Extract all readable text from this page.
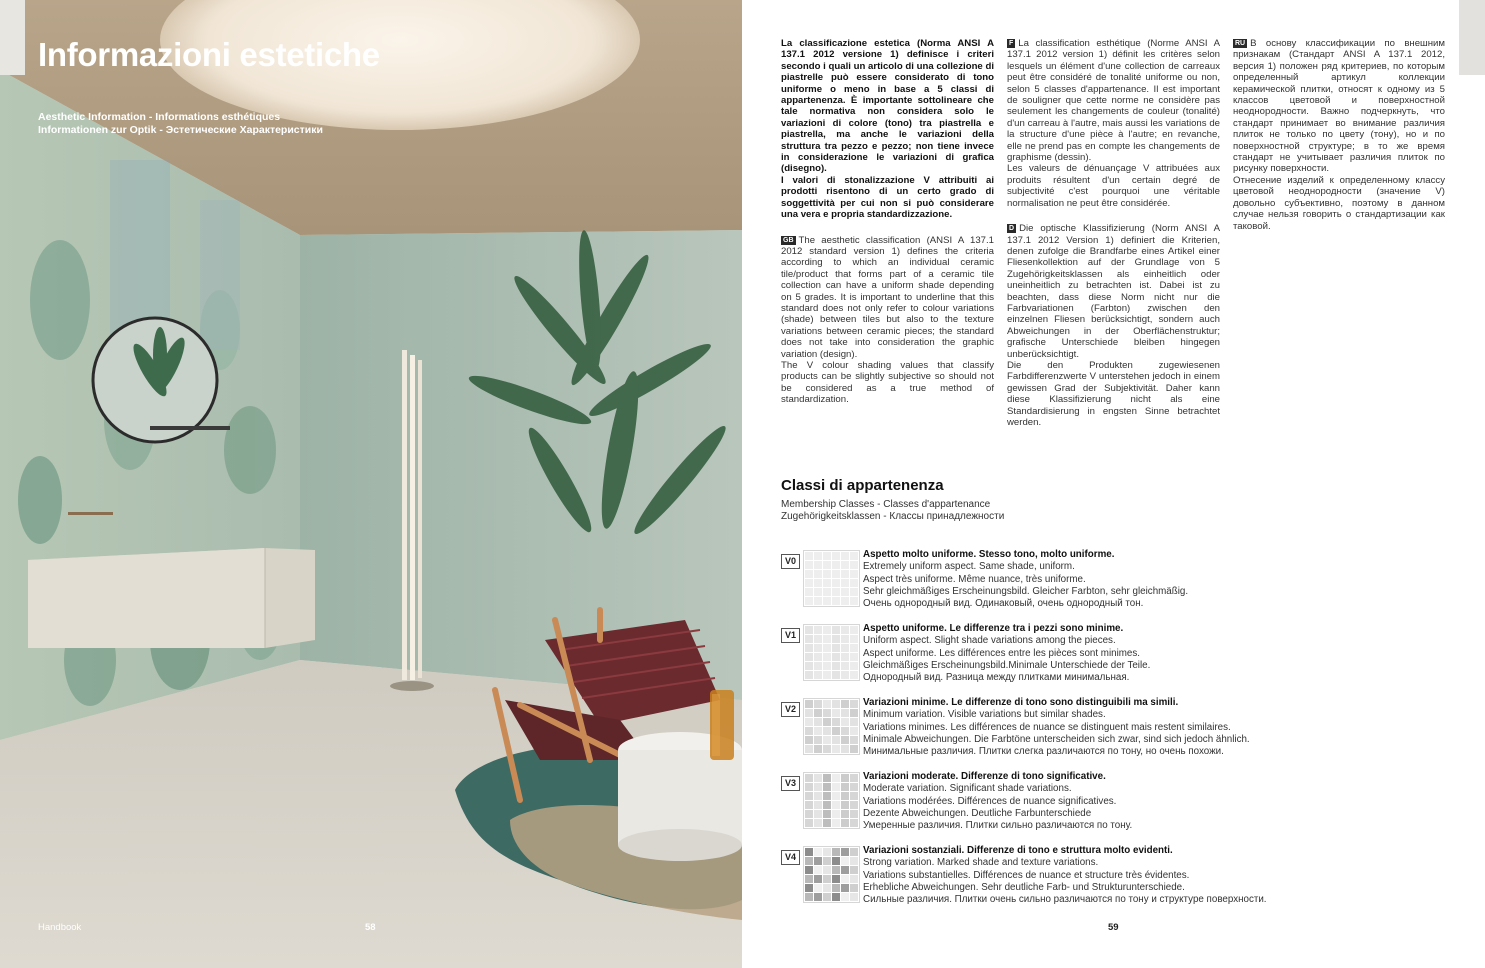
Informazioni estetiche
Aesthetic Information - Informations esthétiques
Informationen zur Optik - Эстетические Характеристики
Handbook	58

La classificazione estetica (Norma ANSI A 137.1 2012 versione 1) definisce i criteri secondo i quali un articolo di una collezione di piastrelle può essere considerato di tono uniforme o meno in base a 5 classi di appartenenza. È importante sottolineare che tale normativa non considera solo le variazioni di colore (tono) tra piastrella e piastrella, ma anche le variazioni della struttura tra pezzo e pezzo; non tiene invece in considerazione le variazioni di grafica (disegno).

I valori di stonalizzazione V attribuiti ai prodotti risentono di un certo grado di soggettività per cui non si può considerare una vera e propria standardizzazione.

GB The aesthetic classification (ANSI A 137.1 2012 standard version 1) defines the criteria according to which an individual ceramic tile/product that forms part of a ceramic tile collection can have a uniform shade depending on 5 grades. It is important to underline that this standard does not only refer to colour variations (shade) between tiles but also to the texture variations between ceramic pieces; the standard does not take into consideration the graphic variation (design).

The V colour shading values that classify products can be slightly subjective so should not be considered as a true method of standardization.

F La classification esthétique (Norme ANSI A 137.1 2012 version 1) définit les critères selon lesquels un élément d'une collection de carreaux peut être considéré de tonalité uniforme ou non, selon 5 classes d'appartenance. Il est important de souligner que cette norme ne considère pas seulement les changements de couleur (tonalité) d'un carreau à l'autre, mais aussi les variations de la structure d'une pièce à l'autre; en revanche, elle ne prend pas en compte les changements de graphisme (dessin).

Les valeurs de dénuançage V attribuées aux produits résultent d'un certain degré de subjectivité c'est pourquoi une véritable normalisation ne peut être considérée.

D Die optische Klassifizierung (Norm ANSI A 137.1 2012 Version 1) definiert die Kriterien, denen zufolge die Brandfarbe eines Artikel einer Fliesenkollektion auf der Grundlage von 5 Zugehörigkeitsklassen als einheitlich oder uneinheitlich zu betrachten ist. Dabei ist zu beachten, dass diese Norm nicht nur die Farbvariationen (Farbton) zwischen den einzelnen Fliesen berücksichtigt, sondern auch Abweichungen in der Oberflächenstruktur; grafische Unterschiede bleiben hingegen unberücksichtigt.

Die den Produkten zugewiesenen Farbdifferenzwerte V unterstehen jedoch in einem gewissen Grad der Subjektivität. Daher kann diese Klassifizierung nicht als eine Standardisierung in engsten Sinne betrachtet werden.

RU В основу классификации по внешним признакам (Стандарт ANSI A 137.1 2012, версия 1) положен ряд критериев, по которым определенный артикул коллекции керамической плитки, относят к одному из 5 классов цветовой и поверхностной неоднородности. Важно подчеркнуть, что стандарт принимает во внимание различия плиток не только по цвету (тону), но и по поверхностной структуре; в то же время стандарт не учитывает различия плиток по рисунку поверхности.

Отнесение изделий к определенному классу цветовой неоднородности (значение V) довольно субъективно, поэтому в данном случае нельзя говорить о стандартизации как таковой.

Classi di appartenenza
Membership Classes - Classes d'appartenance
Zugehörigkeitsklassen - Классы принадлежности
V0
Aspetto molto uniforme. Stesso tono, molto uniforme.
Extremely uniform aspect. Same shade, uniform.
Aspect très uniforme. Même nuance, très uniforme.
Sehr gleichmäßiges Erscheinungsbild. Gleicher Farbton, sehr gleichmäßig.
Очень однородный вид. Одинаковый, очень однородный тон.
V1
Aspetto uniforme. Le differenze tra i pezzi sono minime.
Uniform aspect. Slight shade variations among the pieces.
Aspect uniforme. Les différences entre les pièces sont minimes.
Gleichmäßiges Erscheinungsbild.Minimale Unterschiede der Teile.
Однородный вид. Разница между плитками минимальная.
V2
Variazioni minime. Le differenze di tono sono distinguibili ma simili.
Minimum variation. Visible variations but similar shades.
Variations minimes. Les différences de nuance se distinguent mais restent similaires.
Minimale Abweichungen. Die Farbtöne unterscheiden sich zwar, sind sich jedoch ähnlich.
Минимальные различия. Плитки слегка различаются по тону, но очень похожи.
V3
Variazioni moderate. Differenze di tono significative.
Moderate variation. Significant shade variations.
Variations modérées. Différences de nuance significatives.
Dezente Abweichungen. Deutliche Farbunterschiede
Умеренные различия. Плитки сильно различаются по тону.
V4
Variazioni sostanziali. Differenze di tono e struttura molto evidenti.
Strong variation. Marked shade and texture variations.
Variations substantielles. Différences de nuance et structure très évidentes.
Erhebliche Abweichungen. Sehr deutliche Farb- und Strukturunterschiede.
Сильные различия. Плитки очень сильно различаются по тону и структуре поверхности.
59
